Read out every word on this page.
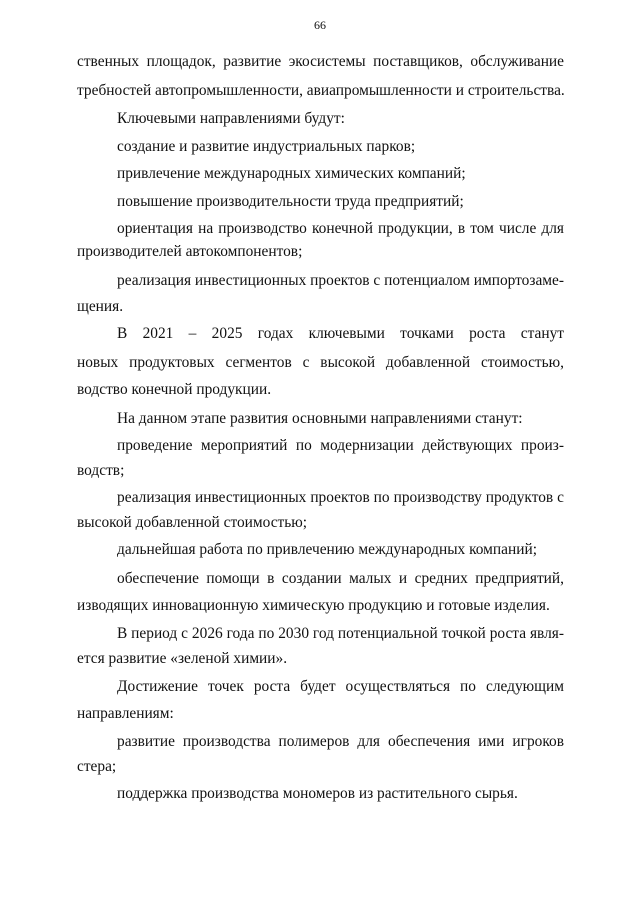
66
ственных площадок, развитие экосистемы поставщиков, обслуживание
требностей автопромышленности, авиапромышленности и строительства.
Ключевыми направлениями будут:
создание и развитие индустриальных парков;
привлечение международных химических компаний;
повышение производительности труда предприятий;
ориентация на производство конечной продукции, в том числе для
производителей автокомпонентов;
реализация инвестиционных проектов с потенциалом импортозаме-
щения.
В 2021 – 2025 годах ключевыми точками роста станут
новых продуктовых сегментов с высокой добавленной стоимостью,
водство конечной продукции.
На данном этапе развития основными направлениями станут:
проведение мероприятий по модернизации действующих произ-
водств;
реализация инвестиционных проектов по производству продуктов с
высокой добавленной стоимостью;
дальнейшая работа по привлечению международных компаний;
обеспечение помощи в создании малых и средних предприятий,
изводящих инновационную химическую продукцию и готовые изделия.
В период с 2026 года по 2030 год потенциальной точкой роста явля-
ется развитие «зеленой химии».
Достижение точек роста будет осуществляться по следующим
направлениям:
развитие производства полимеров для обеспечения ими игроков
стера;
поддержка производства мономеров из растительного сырья.
